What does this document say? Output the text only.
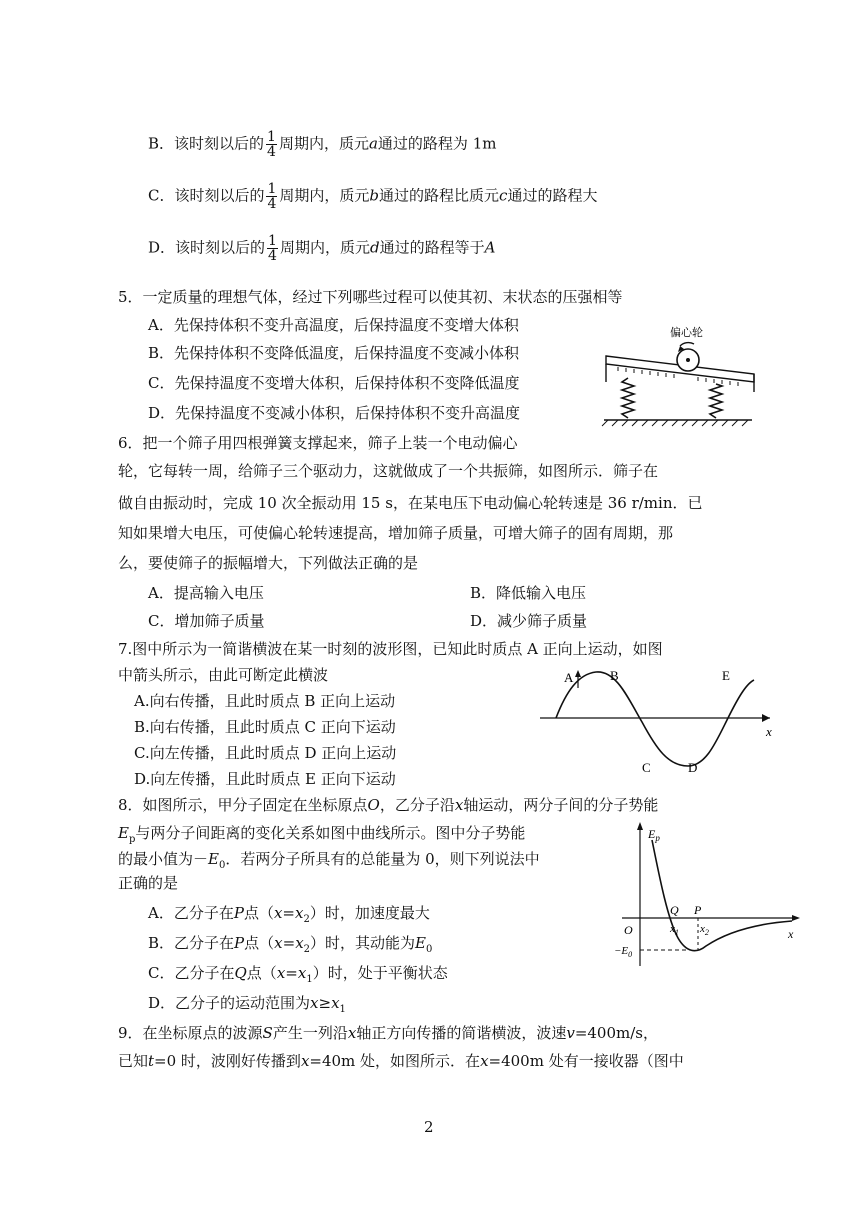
B．该时刻以后的 $\frac{1}{4}$ 周期内，质元a通过的路程为 1m
C．该时刻以后的 $\frac{1}{4}$ 周期内，质元b通过的路程比质元c通过的路程大
D．该时刻以后的 $\frac{1}{4}$ 周期内，质元d通过的路程等于A
5．一定质量的理想气体，经过下列哪些过程可以使其初、末状态的压强相等
A．先保持体积不变升高温度，后保持温度不变增大体积
B．先保持体积不变降低温度，后保持温度不变减小体积
C．先保持温度不变增大体积，后保持体积不变降低温度
D．先保持温度不变减小体积，后保持体积不变升高温度
偏心轮
6．把一个筛子用四根弹簧支撑起来，筛子上装一个电动偏心
轮，它每转一周，给筛子三个驱动力，这就做成了一个共振筛，如图所示．筛子在
做自由振动时，完成 10 次全振动用 15 s，在某电压下电动偏心轮转速是 36 r/min．已
知如果增大电压，可使偏心轮转速提高，增加筛子质量，可增大筛子的固有周期，那
么，要使筛子的振幅增大，下列做法正确的是
A．提高输入电压	B．降低输入电压
C．增加筛子质量	D．减少筛子质量
7.图中所示为一简谐横波在某一时刻的波形图，已知此时质点 A 正向上运动，如图
中箭头所示，由此可断定此横波
A.向右传播，且此时质点 B 正向上运动
B.向右传播，且此时质点 C 正向下运动
C.向左传播，且此时质点 D 正向上运动
D.向左传播，且此时质点 E 正向下运动
A	B
C	D
E
x
8．如图所示，甲分子固定在坐标原点O，乙分子沿x轴运动，两分子间的分子势能
$E_p$与两分子间距离的变化关系如图中曲线所示。图中分子势能
的最小值为$-E_0$．若两分子所具有的总能量为 0，则下列说法中
正确的是
A．乙分子在P点$(x=x_2)$时，加速度最大
B．乙分子在P点$(x=x_2)$时，其动能为$E_0$
C．乙分子在Q点$(x=x_1)$时，处于平衡状态
D．乙分子的运动范围为$x\ge x_1$
$E_p$
O
Q P
$x_1$ $x_2$	x
$-E_0$
9．在坐标原点的波源S产生一列沿x轴正方向传播的简谐横波，波速v=400m/s，
已知t=0 时，波刚好传播到x=40m 处，如图所示．在x=400m 处有一接收器（图中
2
